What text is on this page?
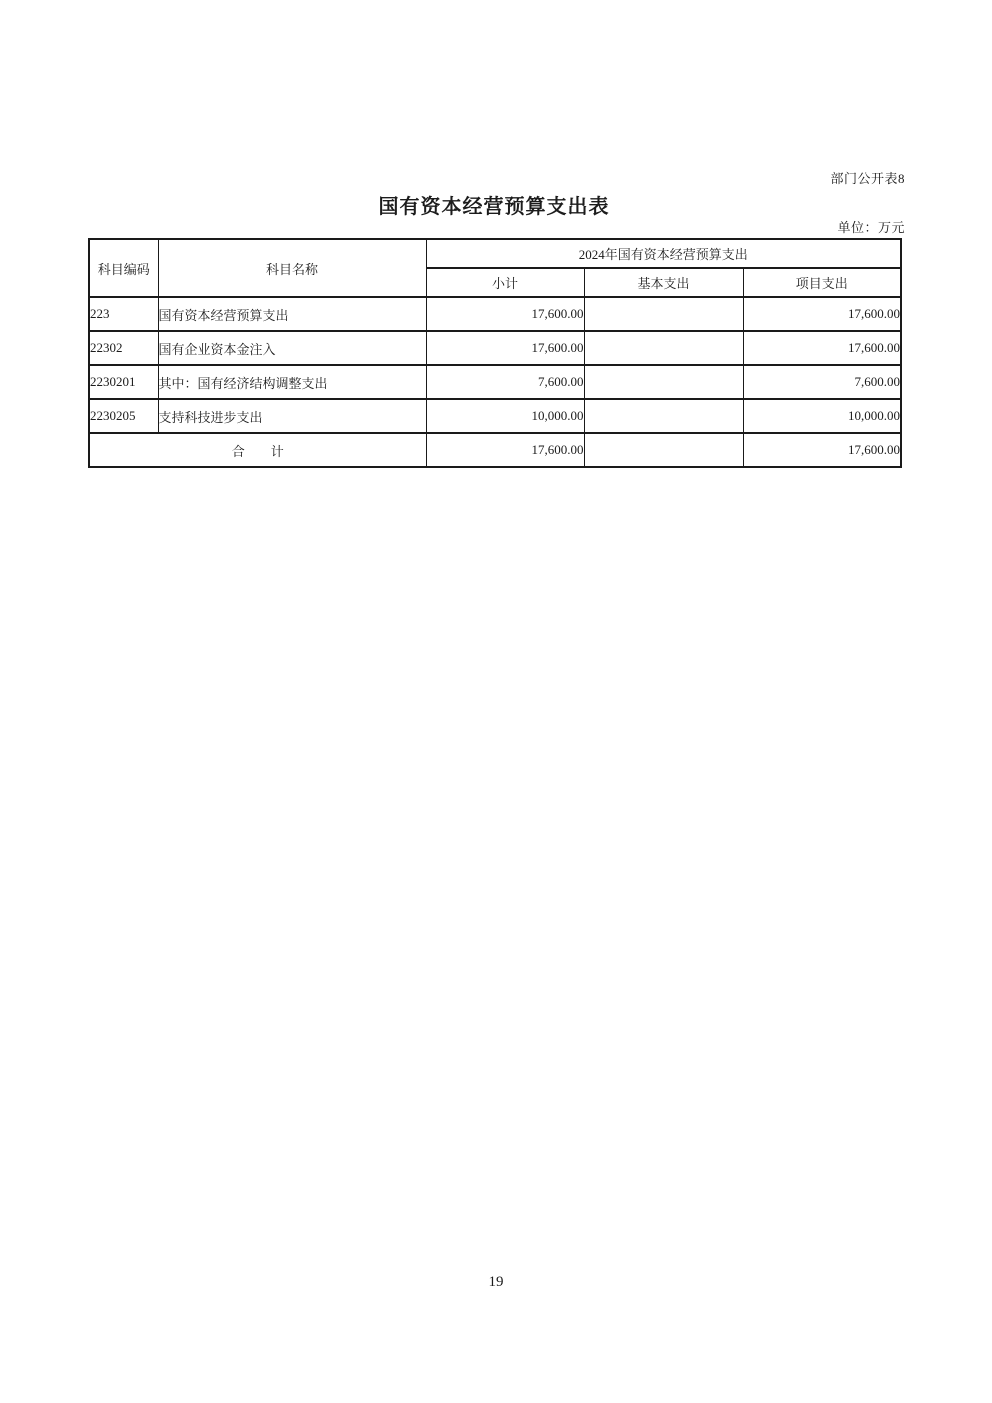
部门公开表8
国有资本经营预算支出表
单位：万元
科目编码	科目名称	2024年国有资本经营预算支出		
		小计	基本支出	项目支出
223	国有资本经营预算支出	17,600.00		17,600.00
22302	国有企业资本金注入	17,600.00		17,600.00
2230201	其中：国有经济结构调整支出	7,600.00		7,600.00
2230205	支持科技进步支出	10,000.00		10,000.00
合　　计		17,600.00		17,600.00
19
